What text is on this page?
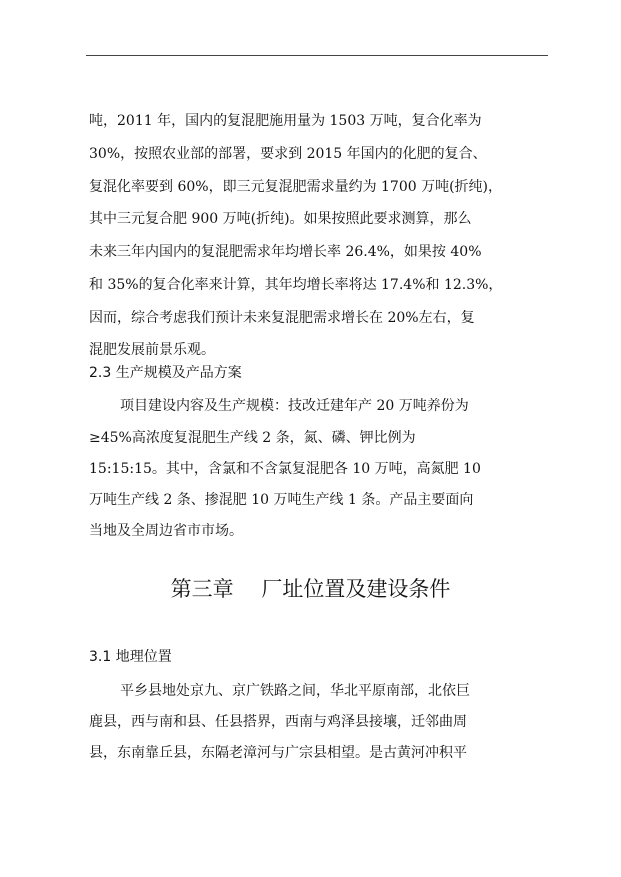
吨，2011 年，国内的复混肥施用量为 1503 万吨，复合化率为
30%，按照农业部的部署，要求到 2015 年国内的化肥的复合、
复混化率要到 60%，即三元复混肥需求量约为 1700 万吨(折纯)，
其中三元复合肥 900 万吨(折纯)。如果按照此要求测算，那么
未来三年内国内的复混肥需求年均增长率 26.4%，如果按 40%
和 35%的复合化率来计算，其年均增长率将达 17.4%和 12.3%，
因而，综合考虑我们预计未来复混肥需求增长在 20%左右，复
混肥发展前景乐观。
2.3 生产规模及产品方案
项目建设内容及生产规模：技改迁建年产 20 万吨养份为
≥45%高浓度复混肥生产线 2 条，氮、磷、钾比例为
15:15:15。其中，含氯和不含氯复混肥各 10 万吨，高氮肥 10
万吨生产线 2 条、掺混肥 10 万吨生产线 1 条。产品主要面向
当地及全周边省市市场。
第三章　 厂址位置及建设条件
3.1 地理位置
平乡县地处京九、京广铁路之间，华北平原南部，北依巨
鹿县，西与南和县、任县搭界，西南与鸡泽县接壤，迁邻曲周
县，东南靠丘县，东隔老漳河与广宗县相望。是古黄河冲积平
